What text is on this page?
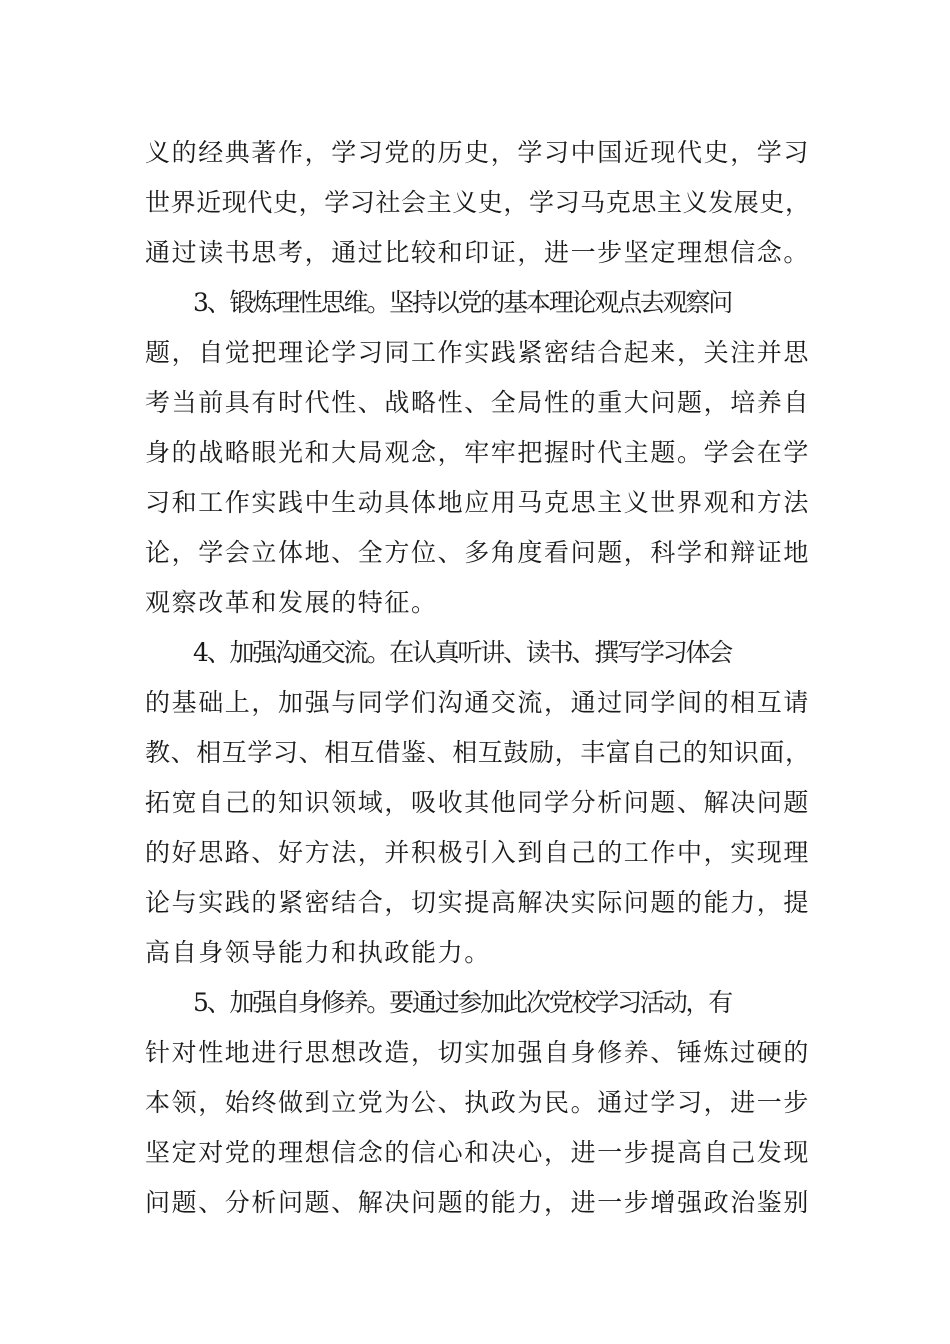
义的经典著作，学习党的历史，学习中国近现代史，学习
世界近现代史，学习社会主义史，学习马克思主义发展史，
通过读书思考，通过比较和印证，进一步坚定理想信念。
3、锻炼理性思维。坚持以党的基本理论观点去观察问
题，自觉把理论学习同工作实践紧密结合起来，关注并思
考当前具有时代性、战略性、全局性的重大问题，培养自
身的战略眼光和大局观念，牢牢把握时代主题。学会在学
习和工作实践中生动具体地应用马克思主义世界观和方法
论，学会立体地、全方位、多角度看问题，科学和辩证地
观察改革和发展的特征。
4、加强沟通交流。在认真听讲、读书、撰写学习体会
的基础上，加强与同学们沟通交流，通过同学间的相互请
教、相互学习、相互借鉴、相互鼓励，丰富自己的知识面，
拓宽自己的知识领域，吸收其他同学分析问题、解决问题
的好思路、好方法，并积极引入到自己的工作中，实现理
论与实践的紧密结合，切实提高解决实际问题的能力，提
高自身领导能力和执政能力。
5、加强自身修养。要通过参加此次党校学习活动，有
针对性地进行思想改造，切实加强自身修养、锤炼过硬的
本领，始终做到立党为公、执政为民。通过学习，进一步
坚定对党的理想信念的信心和决心，进一步提高自己发现
问题、分析问题、解决问题的能力，进一步增强政治鉴别
